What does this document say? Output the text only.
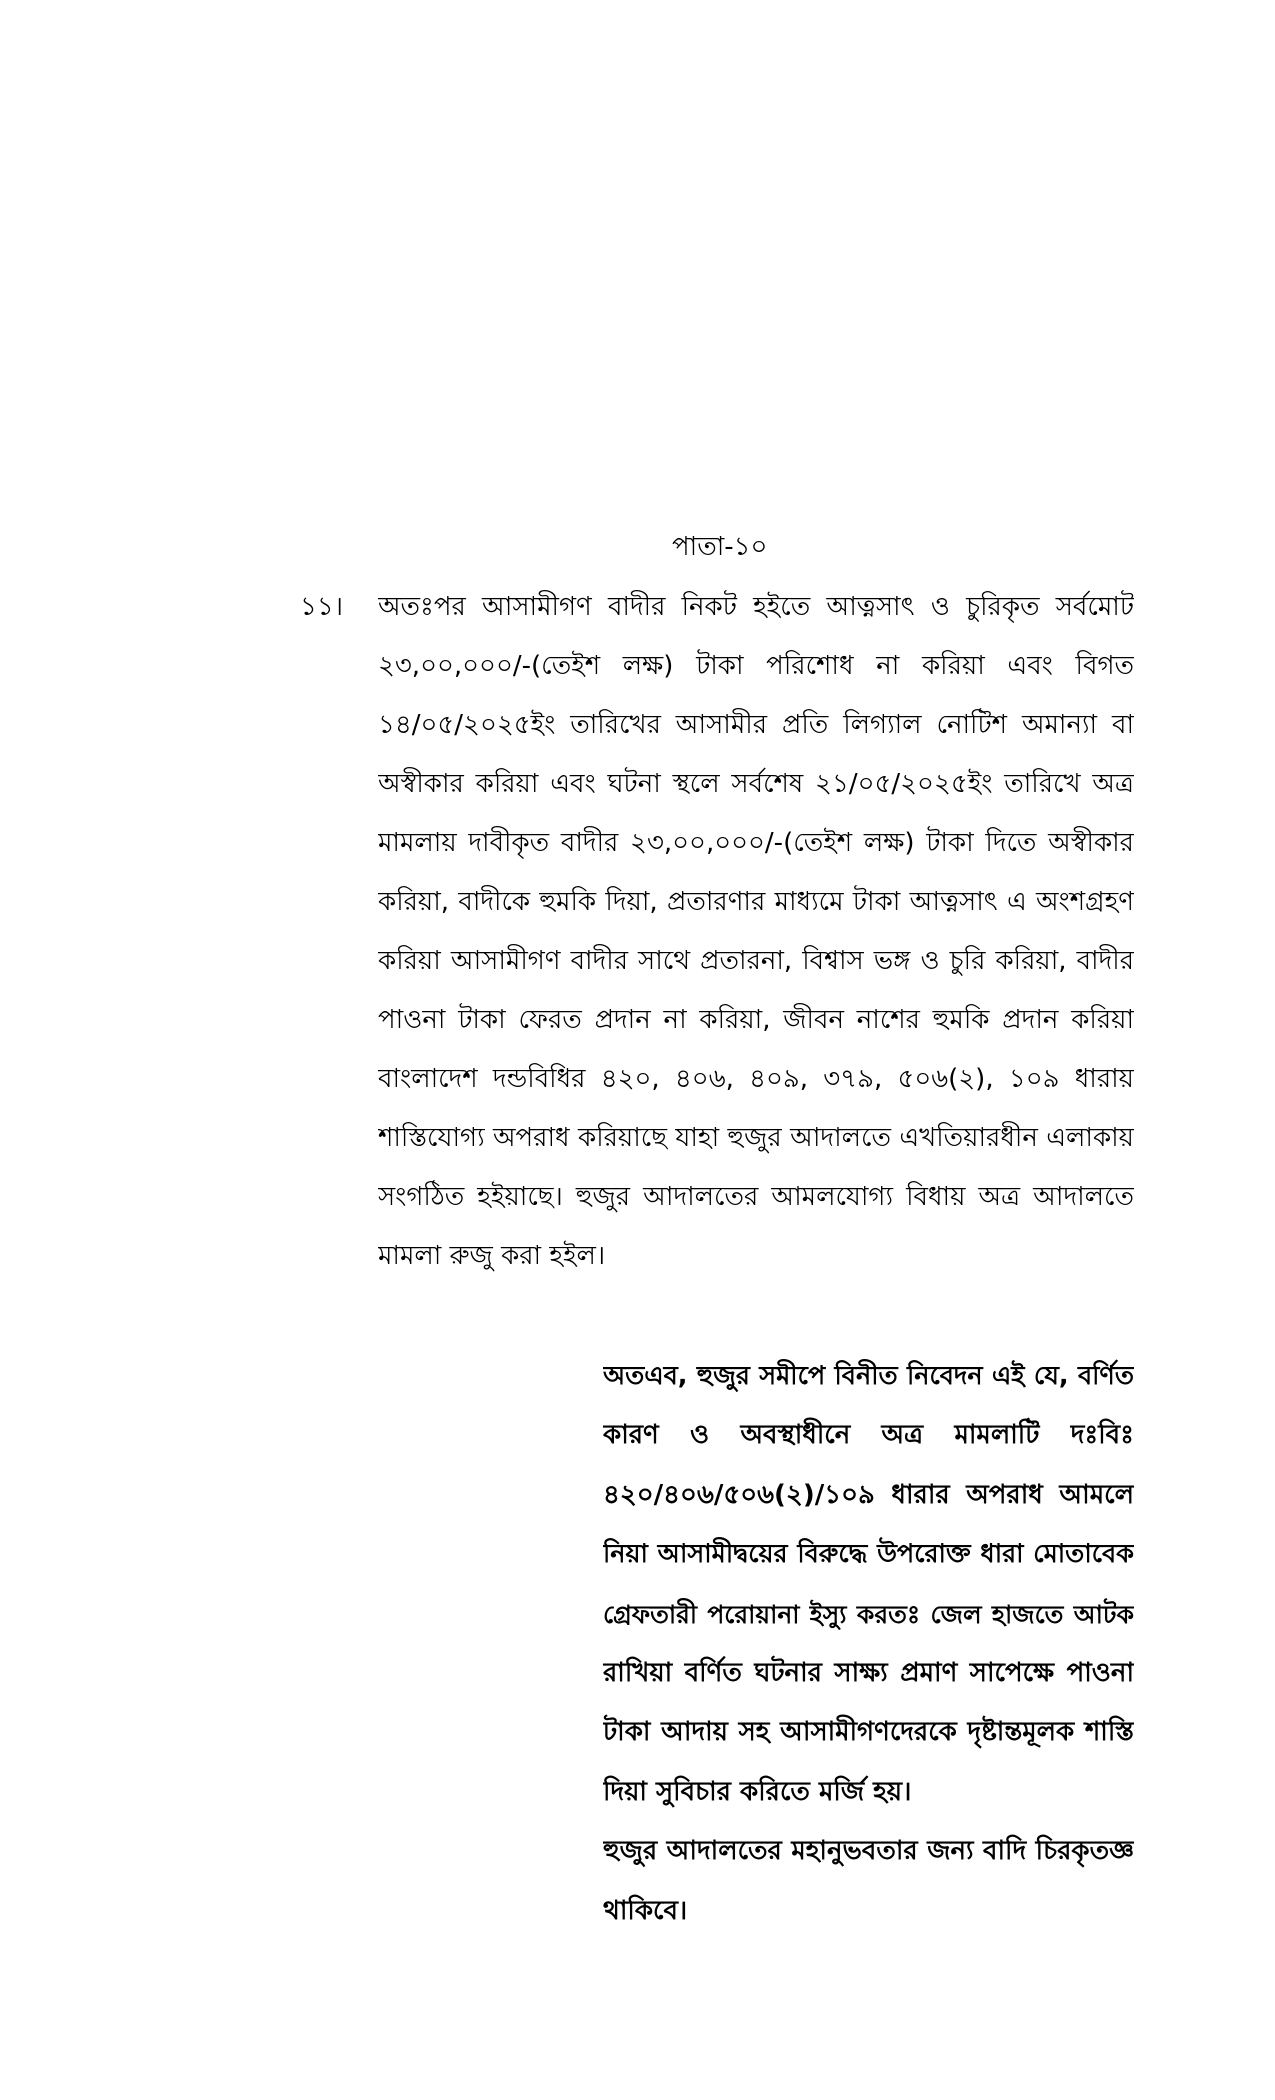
পাতা-১০
১১। অতঃপর আসামীগণ বাদীর নিকট হইতে আত্নসাৎ ও চুরিকৃত সর্বমোট
২৩,০০,০০০/-(তেইশ লক্ষ) টাকা পরিশোধ না করিয়া এবং বিগত
১৪/০৫/২০২৫ইং তারিখের আসামীর প্রতি লিগ্যাল নোটিশ অমান্যা বা
অস্বীকার করিয়া এবং ঘটনা স্থলে সর্বশেষ ২১/০৫/২০২৫ইং তারিখে অত্র
মামলায় দাবীকৃত বাদীর ২৩,০০,০০০/-(তেইশ লক্ষ) টাকা দিতে অস্বীকার
করিয়া, বাদীকে হুমকি দিয়া, প্রতারণার মাধ্যমে টাকা আত্নসাৎ এ অংশগ্রহণ
করিয়া আসামীগণ বাদীর সাথে প্রতারনা, বিশ্বাস ভঙ্গ ও চুরি করিয়া, বাদীর
পাওনা টাকা ফেরত প্রদান না করিয়া, জীবন নাশের হুমকি প্রদান করিয়া
বাংলাদেশ দন্ডবিধির ৪২০, ৪০৬, ৪০৯, ৩৭৯, ৫০৬(২), ১০৯ ধারায়
শাস্তিযোগ্য অপরাধ করিয়াছে যাহা হুজুর আদালতে এখতিয়ারধীন এলাকায়
সংগঠিত হইয়াছে। হুজুর আদালতের আমলযোগ্য বিধায় অত্র আদালতে
মামলা রুজু করা হইল।
অতএব, হুজুর সমীপে বিনীত নিবেদন এই যে, বর্ণিত
কারণ ও অবস্থাধীনে অত্র মামলাটি দঃবিঃ
৪২০/৪০৬/৫০৬(২)/১০৯ ধারার অপরাধ আমলে
নিয়া আসামীদ্বয়ের বিরুদ্ধে উপরোক্ত ধারা মোতাবেক
গ্রেফতারী পরোয়ানা ইস্যু করতঃ জেল হাজতে আটক
রাখিয়া বর্ণিত ঘটনার সাক্ষ্য প্রমাণ সাপেক্ষে পাওনা
টাকা আদায় সহ আসামীগণদেরকে দৃষ্টান্তমূলক শাস্তি
দিয়া সুবিচার করিতে মর্জি হয়।
হুজুর আদালতের মহানুভবতার জন্য বাদি চিরকৃতজ্ঞ
থাকিবে।
